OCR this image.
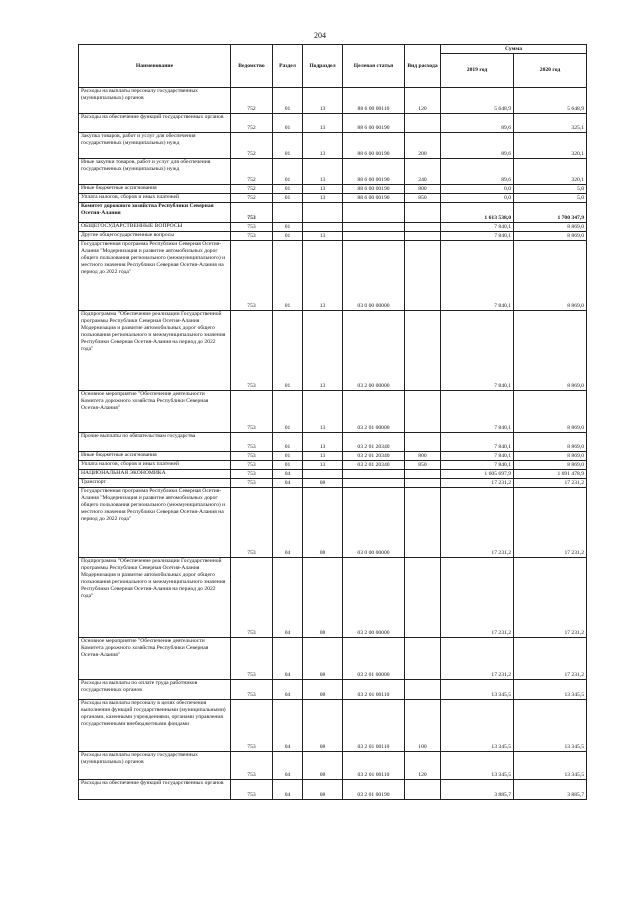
204
Наименование	Ведомство	Раздел	Подраздел	Целевая статья	Вид расхода	Сумма	
						2019 год	2020 год
Расходы на выплаты персоналу государственных (муниципальных) органов	752	01	13	88 6 00 00110	120	5 648,9	5 648,9
Расходы на обеспечение функций государственных органов	752	01	13	88 6 00 00190		89,6	325,1
Закупка товаров, работ и услуг для обеспечения государственных (муниципальных) нужд	752	01	13	88 6 00 00190	200	89,6	320,1
Иные закупки товаров, работ и услуг для обеспечения государственных (муниципальных) нужд	752	01	13	88 6 00 00190	240	89,6	320,1
Иные бюджетные ассигнования	752	01	13	88 6 00 00190	800	0,0	5,0
Уплата налогов, сборов и иных платежей	752	01	13	88 6 00 00190	850	0,0	5,0
Комитет дорожного хозяйства Республики Северная Осетия-Алания	753					1 613 538,0	1 700 347,9
ОБЩЕГОСУДАРСТВЕННЫЕ ВОПРОСЫ	753	01				7 840,1	8 869,0
Другие общегосударственные вопросы	753	01	13			7 840,1	8 869,0
Государственная программа Республики Северная Осетия-Алания "Модернизация и развитие автомобильных дорог общего пользования регионального (межмуниципального) и местного значения Республики Северная Осетия-Алания на период до 2022 года"	753	01	13	03 0 00 00000		7 840,1	8 869,0
Подпрограмма "Обеспечение реализации Государственной программы Республики Северная Осетия-Алания Модернизация и развитие автомобильных дорог общего пользования регионального и межмуниципального значения Республики Северная Осетия-Алания на период до 2022 года"	753	01	13	03 2 00 00000		7 840,1	8 869,0
Основное мероприятие "Обеспечение деятельности Комитета дорожного хозяйства Республики Северная Осетия-Алания"	753	01	13	03 2 01 00000		7 840,1	8 869,0
Прочие выплаты по обязательствам государства	753	01	13	03 2 01 20340		7 840,1	8 869,0
Иные бюджетные ассигнования	753	01	13	03 2 01 20340	800	7 840,1	8 869,0
Уплата налогов, сборов и иных платежей	753	01	13	03 2 01 20340	850	7 840,1	8 869,0
НАЦИОНАЛЬНАЯ ЭКОНОМИКА	753	04				1 605 697,9	1 691 478,9
Транспорт	753	04	08			17 231,2	17 231,2
Государственная программа Республики Северная Осетия-Алания "Модернизация и развитие автомобильных дорог общего пользования регионального (межмуниципального) и местного значения Республики Северная Осетия-Алания на период до 2022 года"	753	04	08	03 0 00 00000		17 231,2	17 231,2
Подпрограмма "Обеспечение реализации Государственной программы Республики Северная Осетия-Алания Модернизация и развитие автомобильных дорог общего пользования регионального и межмуниципального значения Республики Северная Осетия-Алания на период до 2022 года"	753	04	08	03 2 00 00000		17 231,2	17 231,2
Основное мероприятие "Обеспечение деятельности Комитета дорожного хозяйства Республики Северная Осетия-Алания"	753	04	08	03 2 01 00000		17 231,2	17 231,2
Расходы на выплаты по оплате труда работников государственных органов	753	04	08	03 2 01 00110		13 345,5	13 345,5
Расходы на выплаты персоналу в целях обеспечения выполнения функций государственными (муниципальными) органами, казенными учреждениями, органами управления государственными внебюджетными фондами	753	04	08	03 2 01 00110	100	13 345,5	13 345,5
Расходы на выплаты персоналу государственных (муниципальных) органов	753	04	08	03 2 01 00110	120	13 345,5	13 345,5
Расходы на обеспечение функций государственных органов	753	04	08	03 2 01 00190		3 885,7	3 885,7
